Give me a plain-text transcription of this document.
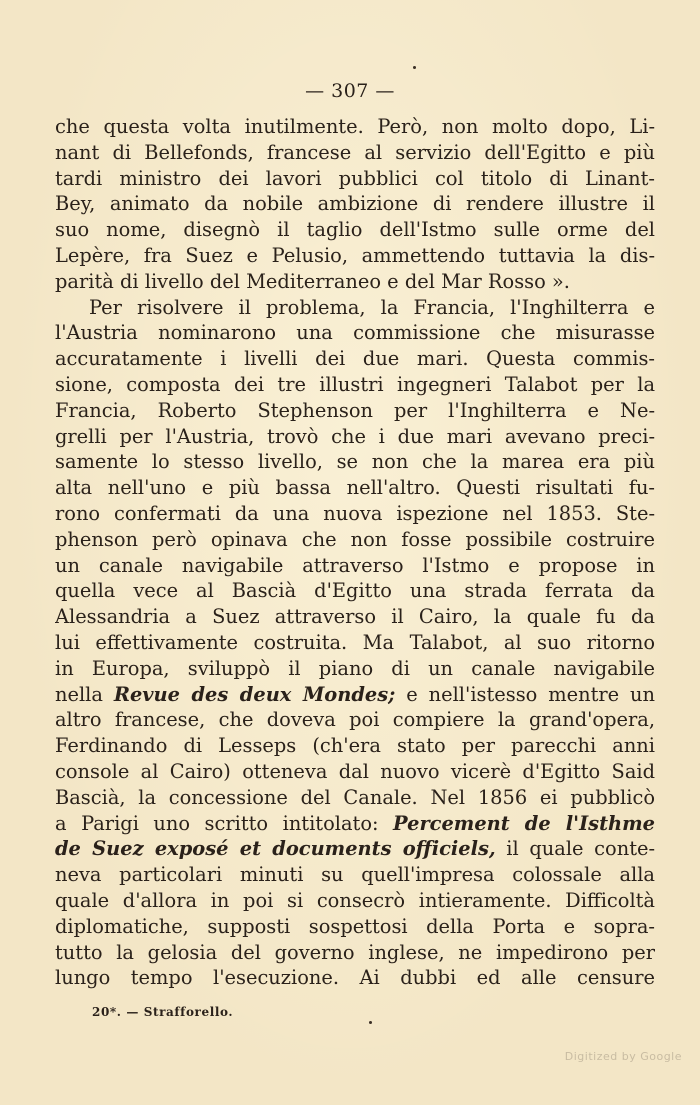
— 307 —
che questa volta inutilmente. Però, non molto dopo, Li-
nant di Bellefonds, francese al servizio dell'Egitto e più
tardi ministro dei lavori pubblici col titolo di Linant-
Bey, animato da nobile ambizione di rendere illustre il
suo nome, disegnò il taglio dell'Istmo sulle orme del
Lepère, fra Suez e Pelusio, ammettendo tuttavia la dis-
parità di livello del Mediterraneo e del Mar Rosso ».
Per risolvere il problema, la Francia, l'Inghilterra e
l'Austria nominarono una commissione che misurasse
accuratamente i livelli dei due mari. Questa commis-
sione, composta dei tre illustri ingegneri Talabot per la
Francia, Roberto Stephenson per l'Inghilterra e Ne-
grelli per l'Austria, trovò che i due mari avevano preci-
samente lo stesso livello, se non che la marea era più
alta nell'uno e più bassa nell'altro. Questi risultati fu-
rono confermati da una nuova ispezione nel 1853. Ste-
phenson però opinava che non fosse possibile costruire
un canale navigabile attraverso l'Istmo e propose in
quella vece al Bascià d'Egitto una strada ferrata da
Alessandria a Suez attraverso il Cairo, la quale fu da
lui effettivamente costruita. Ma Talabot, al suo ritorno
in Europa, sviluppò il piano di un canale navigabile
nella Revue des deux Mondes; e nell'istesso mentre un
altro francese, che doveva poi compiere la grand'opera,
Ferdinando di Lesseps (ch'era stato per parecchi anni
console al Cairo) otteneva dal nuovo vicerè d'Egitto Said
Bascià, la concessione del Canale. Nel 1856 ei pubblicò
a Parigi uno scritto intitolato: Percement de l'Isthme
de Suez exposé et documents officiels, il quale conte-
neva particolari minuti su quell'impresa colossale alla
quale d'allora in poi si consecrò intieramente. Difficoltà
diplomatiche, supposti sospettosi della Porta e sopra-
tutto la gelosia del governo inglese, ne impedirono per
lungo tempo l'esecuzione. Ai dubbi ed alle censure
20*. — Strafforello.
Digitized by Google
